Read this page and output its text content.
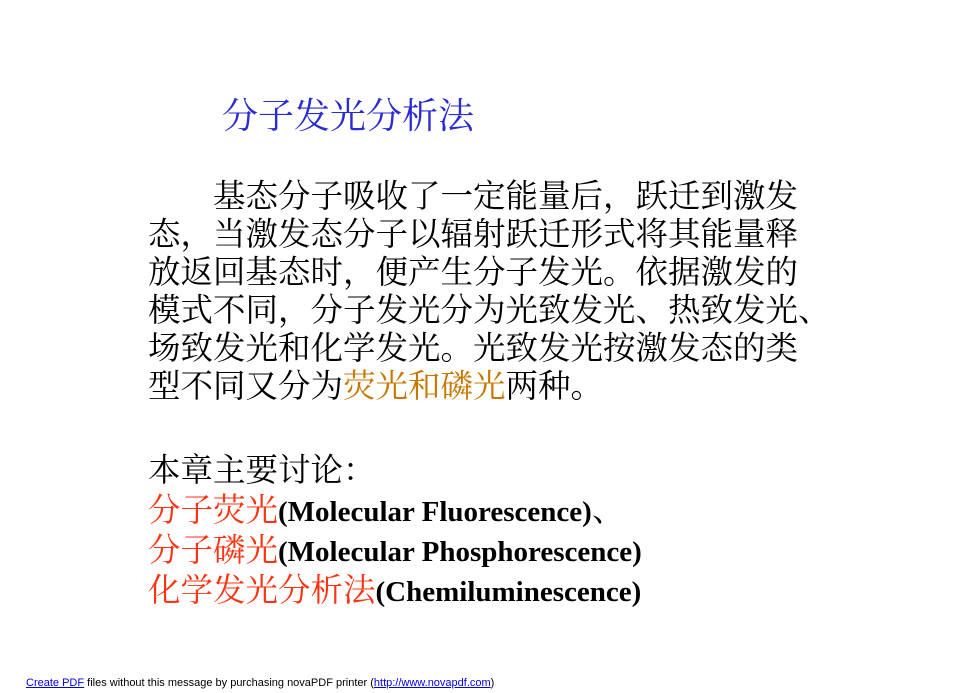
分子发光分析法
基态分子吸收了一定能量后，跃迁到激发
态，当激发态分子以辐射跃迁形式将其能量释
放返回基态时，便产生分子发光。依据激发的
模式不同，分子发光分为光致发光、热致发光、
场致发光和化学发光。光致发光按激发态的类
型不同又分为荧光和磷光两种。
本章主要讨论：
分子荧光(Molecular Fluorescence)、
分子磷光(Molecular Phosphorescence)
化学发光分析法(Chemiluminescence)
Create PDF files without this message by purchasing novaPDF printer (http://www.novapdf.com)
